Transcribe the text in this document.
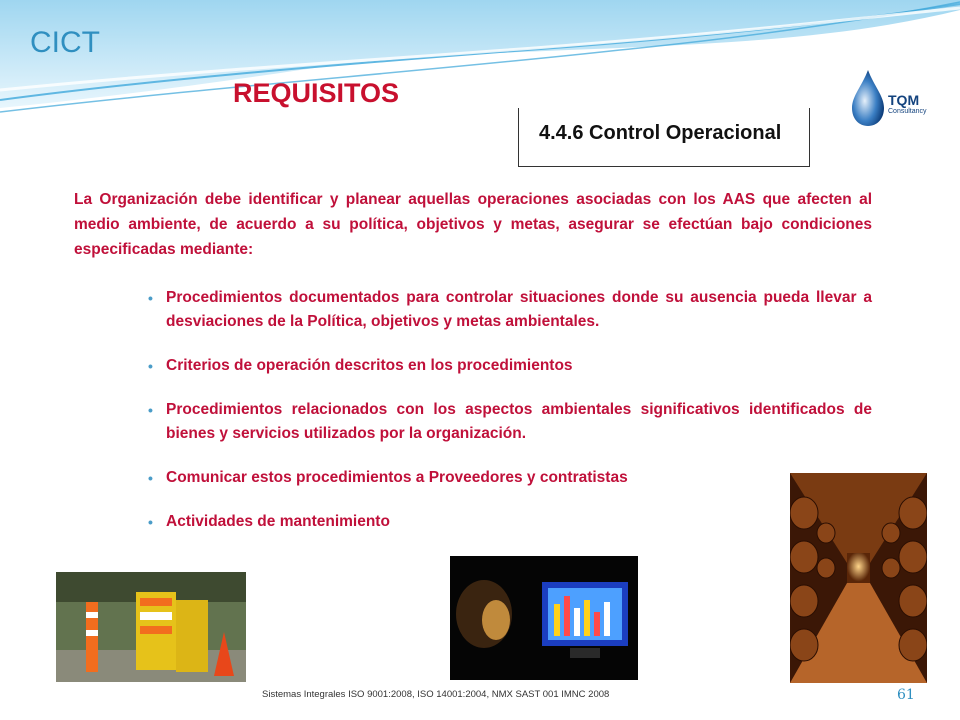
CICT
REQUISITOS	TQM
Consultancy
4.4.6 Control Operacional
La Organización debe identificar y planear aquellas operaciones asociadas con los AAS que afecten al medio ambiente, de acuerdo a su política, objetivos y metas, asegurar se efectúan bajo condiciones especificadas mediante:
• Procedimientos documentados para controlar situaciones donde su ausencia pueda llevar a desviaciones de la Política, objetivos y metas ambientales.
• Criterios de operación descritos en los procedimientos
• Procedimientos relacionados con los aspectos ambientales significativos identificados de bienes y servicios utilizados por la organización.
• Comunicar estos procedimientos a Proveedores y contratistas
• Actividades de mantenimiento
Sistemas Integrales ISO 9001:2008, ISO 14001:2004, NMX SAST 001 IMNC 2008	61
